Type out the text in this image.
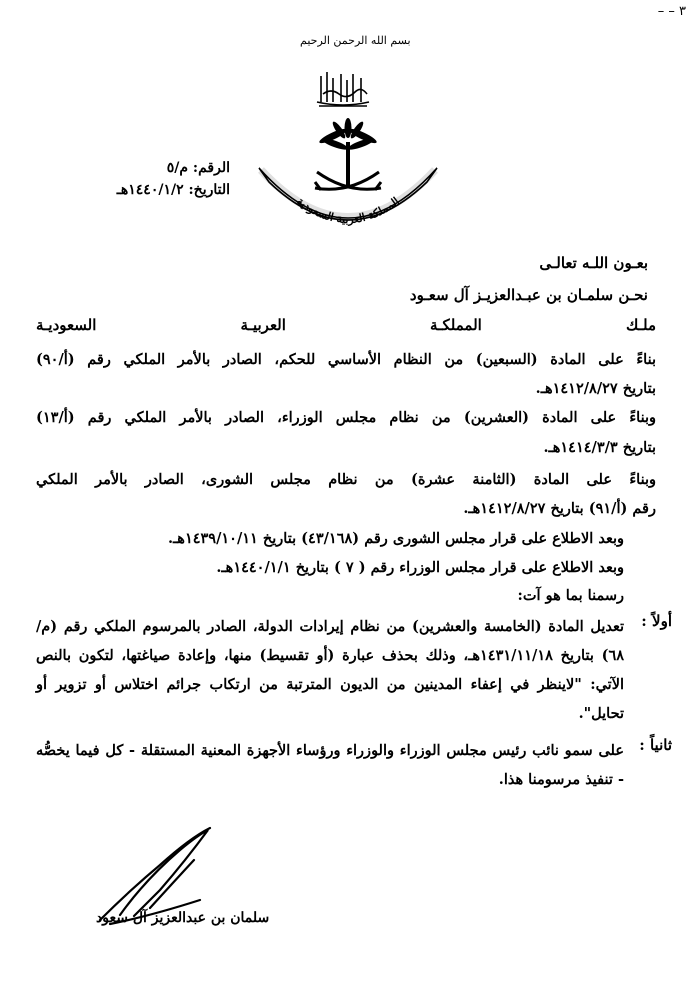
٣ – –
بسم الله الرحمن الرحيم
المملكة العربية السعودية
الرقم: م/٥
التاريخ: ١٤٤٠/١/٢هـ
بعـون اللـه تعالـى
نحـن سلمـان بن عبـدالعزيـز آل سعـود
ملـك المملكـة العربيـة السعوديـة
بناءً على المادة (السبعين) من النظام الأساسي للحكم، الصادر بالأمر الملكي رقم (أ/٩٠)
بتاريخ ١٤١٢/٨/٢٧هـ.
وبناءً على المادة (العشرين) من نظام مجلس الوزراء، الصادر بالأمر الملكي رقم (أ/١٣)
بتاريخ ١٤١٤/٣/٣هـ.
وبناءً على المادة (الثامنة عشرة) من نظام مجلس الشورى، الصادر بالأمر الملكي
رقم (أ/٩١) بتاريخ ١٤١٢/٨/٢٧هـ.
وبعد الاطلاع على قرار مجلس الشورى رقم (٤٣/١٦٨) بتاريخ ١٤٣٩/١٠/١١هـ.
وبعد الاطلاع على قرار مجلس الوزراء رقم ( ٧ ) بتاريخ ١٤٤٠/١/١هـ.
رسمنا بما هو آت:
أولاً :
تعديل المادة (الخامسة والعشرين) من نظام إيرادات الدولة، الصادر بالمرسوم الملكي رقم (م/٦٨) بتاريخ ١٤٣١/١١/١٨هـ، وذلك بحذف عبارة (أو تقسيط) منها، وإعادة صياغتها، لتكون بالنص الآتي: "لاينظر في إعفاء المدينين من الديون المترتبة من ارتكاب جرائم اختلاس أو تزوير أو تحايل".
ثانياً :
على سمو نائب رئيس مجلس الوزراء والوزراء ورؤساء الأجهزة المعنية المستقلة - كل فيما يخصُّه - تنفيذ مرسومنا هذا.
سلمان بن عبدالعزيز آل سعود
